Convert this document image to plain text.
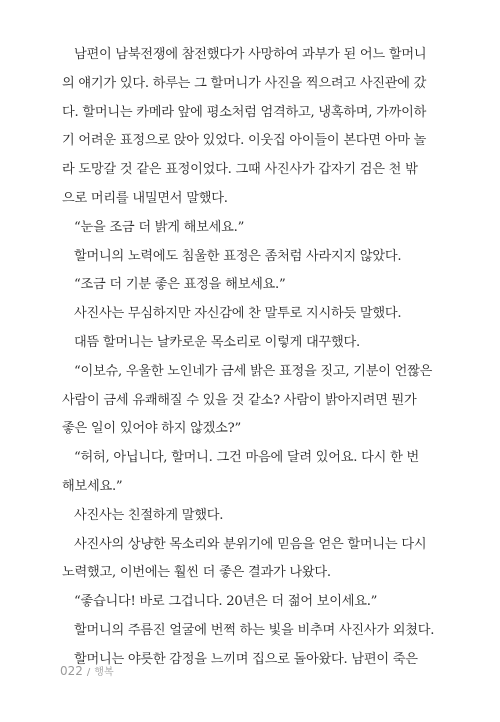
남편이 남북전쟁에 참전했다가 사망하여 과부가 된 어느 할머니
의 얘기가 있다. 하루는 그 할머니가 사진을 찍으려고 사진관에 갔
다. 할머니는 카메라 앞에 평소처럼 엄격하고, 냉혹하며, 가까이하
기 어려운 표정으로 앉아 있었다. 이웃집 아이들이 본다면 아마 놀
라 도망갈 것 같은 표정이었다. 그때 사진사가 갑자기 검은 천 밖
으로 머리를 내밀면서 말했다.
“눈을 조금 더 밝게 해보세요.”
할머니의 노력에도 침울한 표정은 좀처럼 사라지지 않았다.
“조금 더 기분 좋은 표정을 해보세요.”
사진사는 무심하지만 자신감에 찬 말투로 지시하듯 말했다.
대뜸 할머니는 날카로운 목소리로 이렇게 대꾸했다.
“이보슈, 우울한 노인네가 금세 밝은 표정을 짓고, 기분이 언짢은
사람이 금세 유쾌해질 수 있을 것 같소? 사람이 밝아지려면 뭔가
좋은 일이 있어야 하지 않겠소?”
“허허, 아닙니다, 할머니. 그건 마음에 달려 있어요. 다시 한 번
해보세요.”
사진사는 친절하게 말했다.
사진사의 상냥한 목소리와 분위기에 믿음을 얻은 할머니는 다시
노력했고, 이번에는 훨씬 더 좋은 결과가 나왔다.
“좋습니다! 바로 그겁니다. 20년은 더 젊어 보이세요.”
할머니의 주름진 얼굴에 번쩍 하는 빛을 비추며 사진사가 외쳤다.
할머니는 야릇한 감정을 느끼며 집으로 돌아왔다. 남편이 죽은
022 / 행복
